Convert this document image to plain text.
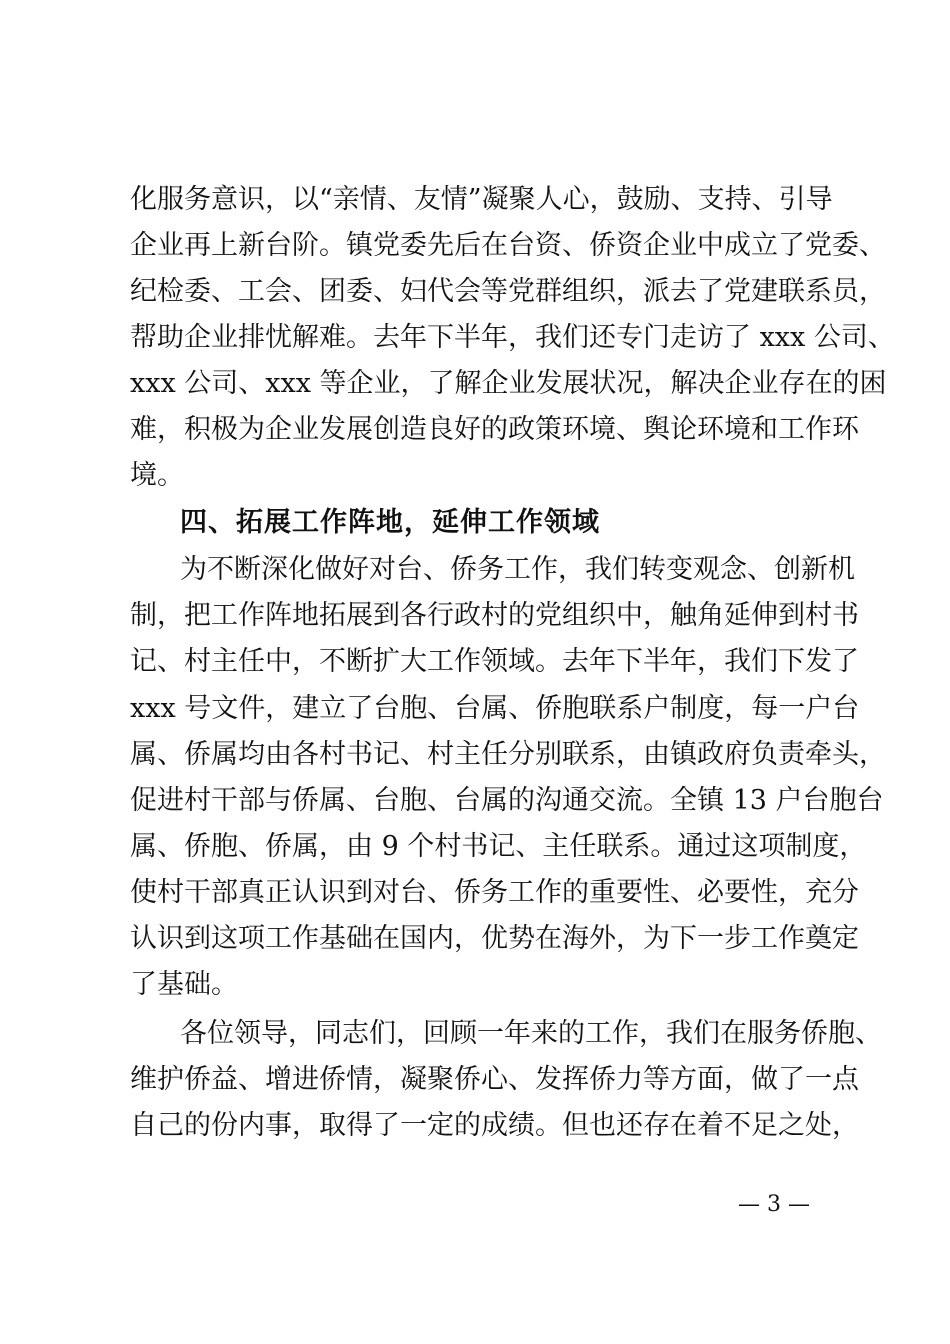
化服务意识，以“亲情、友情”凝聚人心，鼓励、支持、引导
企业再上新台阶。镇党委先后在台资、侨资企业中成立了党委、
纪检委、工会、团委、妇代会等党群组织，派去了党建联系员，
帮助企业排忧解难。去年下半年，我们还专门走访了 xxx 公司、
xxx 公司、xxx 等企业，了解企业发展状况，解决企业存在的困
难，积极为企业发展创造良好的政策环境、舆论环境和工作环
境。
四、拓展工作阵地，延伸工作领域
为不断深化做好对台、侨务工作，我们转变观念、创新机
制，把工作阵地拓展到各行政村的党组织中，触角延伸到村书
记、村主任中，不断扩大工作领域。去年下半年，我们下发了
xxx 号文件，建立了台胞、台属、侨胞联系户制度，每一户台
属、侨属均由各村书记、村主任分别联系，由镇政府负责牵头，
促进村干部与侨属、台胞、台属的沟通交流。全镇 13 户台胞台
属、侨胞、侨属，由 9 个村书记、主任联系。通过这项制度，
使村干部真正认识到对台、侨务工作的重要性、必要性，充分
认识到这项工作基础在国内，优势在海外，为下一步工作奠定
了基础。
各位领导，同志们，回顾一年来的工作，我们在服务侨胞、
维护侨益、增进侨情，凝聚侨心、发挥侨力等方面，做了一点
自己的份内事，取得了一定的成绩。但也还存在着不足之处，
— 3 —
